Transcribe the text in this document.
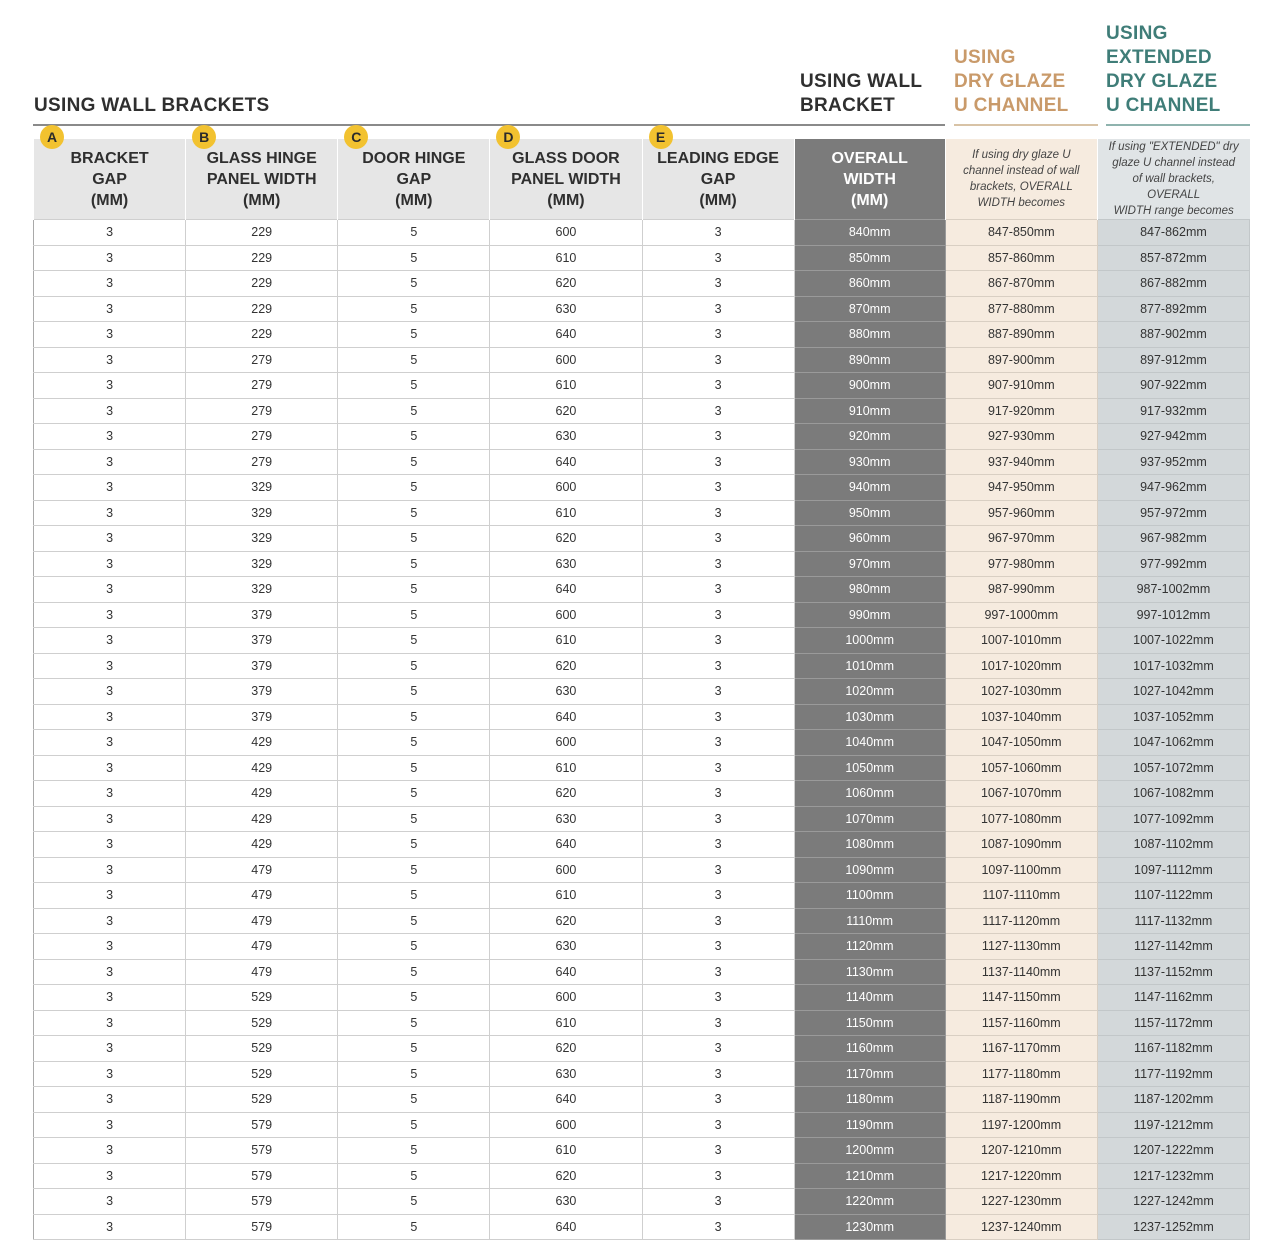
USING WALL BRACKETS
USING WALL
BRACKET
USING
DRY GLAZE
U CHANNEL
USING
EXTENDED
DRY GLAZE
U CHANNEL
A
BRACKET
GAP
(MM)	B
GLASS HINGE
PANEL WIDTH
(MM)	C
DOOR HINGE
GAP
(MM)	D
GLASS DOOR
PANEL WIDTH
(MM)	E
LEADING EDGE
GAP
(MM)	OVERALL
WIDTH
(MM)	If using dry glaze U
channel instead of wall
brackets, OVERALL
WIDTH becomes	If using "EXTENDED" dry
glaze U channel instead
of wall brackets, OVERALL
WIDTH range becomes

3	229	5	600	3	840mm	847-850mm	847-862mm
3	229	5	610	3	850mm	857-860mm	857-872mm
3	229	5	620	3	860mm	867-870mm	867-882mm
3	229	5	630	3	870mm	877-880mm	877-892mm
3	229	5	640	3	880mm	887-890mm	887-902mm
3	279	5	600	3	890mm	897-900mm	897-912mm
3	279	5	610	3	900mm	907-910mm	907-922mm
3	279	5	620	3	910mm	917-920mm	917-932mm
3	279	5	630	3	920mm	927-930mm	927-942mm
3	279	5	640	3	930mm	937-940mm	937-952mm
3	329	5	600	3	940mm	947-950mm	947-962mm
3	329	5	610	3	950mm	957-960mm	957-972mm
3	329	5	620	3	960mm	967-970mm	967-982mm
3	329	5	630	3	970mm	977-980mm	977-992mm
3	329	5	640	3	980mm	987-990mm	987-1002mm
3	379	5	600	3	990mm	997-1000mm	997-1012mm
3	379	5	610	3	1000mm	1007-1010mm	1007-1022mm
3	379	5	620	3	1010mm	1017-1020mm	1017-1032mm
3	379	5	630	3	1020mm	1027-1030mm	1027-1042mm
3	379	5	640	3	1030mm	1037-1040mm	1037-1052mm
3	429	5	600	3	1040mm	1047-1050mm	1047-1062mm
3	429	5	610	3	1050mm	1057-1060mm	1057-1072mm
3	429	5	620	3	1060mm	1067-1070mm	1067-1082mm
3	429	5	630	3	1070mm	1077-1080mm	1077-1092mm
3	429	5	640	3	1080mm	1087-1090mm	1087-1102mm
3	479	5	600	3	1090mm	1097-1100mm	1097-1112mm
3	479	5	610	3	1100mm	1107-1110mm	1107-1122mm
3	479	5	620	3	1110mm	1117-1120mm	1117-1132mm
3	479	5	630	3	1120mm	1127-1130mm	1127-1142mm
3	479	5	640	3	1130mm	1137-1140mm	1137-1152mm
3	529	5	600	3	1140mm	1147-1150mm	1147-1162mm
3	529	5	610	3	1150mm	1157-1160mm	1157-1172mm
3	529	5	620	3	1160mm	1167-1170mm	1167-1182mm
3	529	5	630	3	1170mm	1177-1180mm	1177-1192mm
3	529	5	640	3	1180mm	1187-1190mm	1187-1202mm
3	579	5	600	3	1190mm	1197-1200mm	1197-1212mm
3	579	5	610	3	1200mm	1207-1210mm	1207-1222mm
3	579	5	620	3	1210mm	1217-1220mm	1217-1232mm
3	579	5	630	3	1220mm	1227-1230mm	1227-1242mm
3	579	5	640	3	1230mm	1237-1240mm	1237-1252mm
